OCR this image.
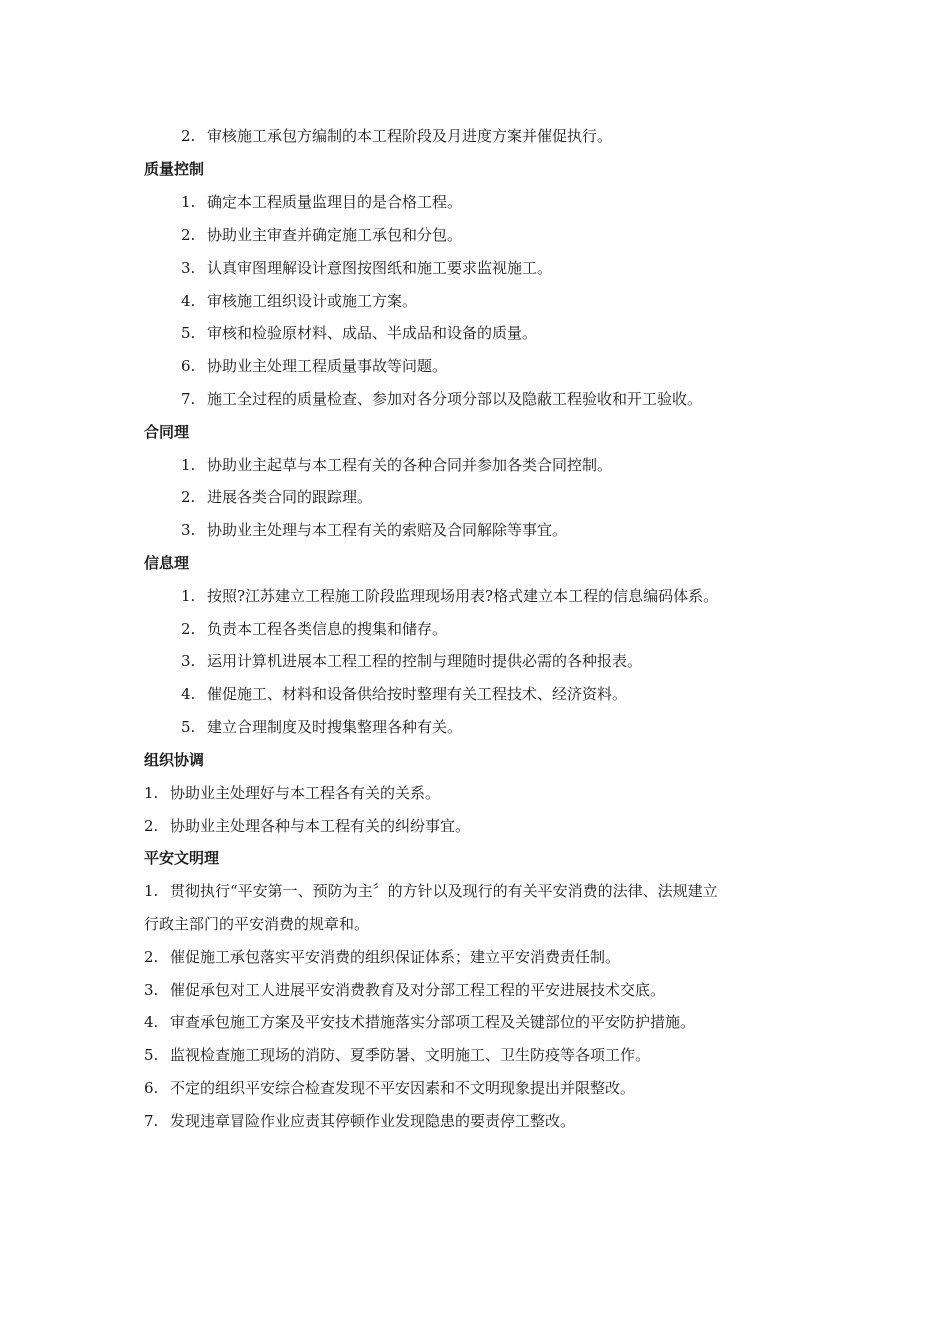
2. 审核施工承包方编制的本工程阶段及月进度方案并催促执行。
质量控制
1. 确定本工程质量监理目的是合格工程。
2. 协助业主审查并确定施工承包和分包。
3. 认真审图理解设计意图按图纸和施工要求监视施工。
4. 审核施工组织设计或施工方案。
5. 审核和检验原材料、成品、半成品和设备的质量。
6. 协助业主处理工程质量事故等问题。
7. 施工全过程的质量检查、参加对各分项分部以及隐蔽工程验收和开工验收。
合同理
1. 协助业主起草与本工程有关的各种合同并参加各类合同控制。
2. 进展各类合同的跟踪理。
3. 协助业主处理与本工程有关的索赔及合同解除等事宜。
信息理
1. 按照?江苏建立工程施工阶段监理现场用表?格式建立本工程的信息编码体系。
2. 负责本工程各类信息的搜集和储存。
3. 运用计算机进展本工程工程的控制与理随时提供必需的各种报表。
4. 催促施工、材料和设备供给按时整理有关工程技术、经济资料。
5. 建立合理制度及时搜集整理各种有关。
组织协调
1. 协助业主处理好与本工程各有关的关系。
2. 协助业主处理各种与本工程有关的纠纷事宜。
平安文明理
1. 贯彻执行“平安第一、预防为主〞的方针以及现行的有关平安消费的法律、法规建立
行政主部门的平安消费的规章和。
2. 催促施工承包落实平安消费的组织保证体系；建立平安消费责任制。
3. 催促承包对工人进展平安消费教育及对分部工程工程的平安进展技术交底。
4. 审查承包施工方案及平安技术措施落实分部项工程及关键部位的平安防护措施。
5. 监视检查施工现场的消防、夏季防暑、文明施工、卫生防疫等各项工作。
6. 不定的组织平安综合检查发现不平安因素和不文明现象提出并限整改。
7. 发现违章冒险作业应责其停顿作业发现隐患的要责停工整改。
